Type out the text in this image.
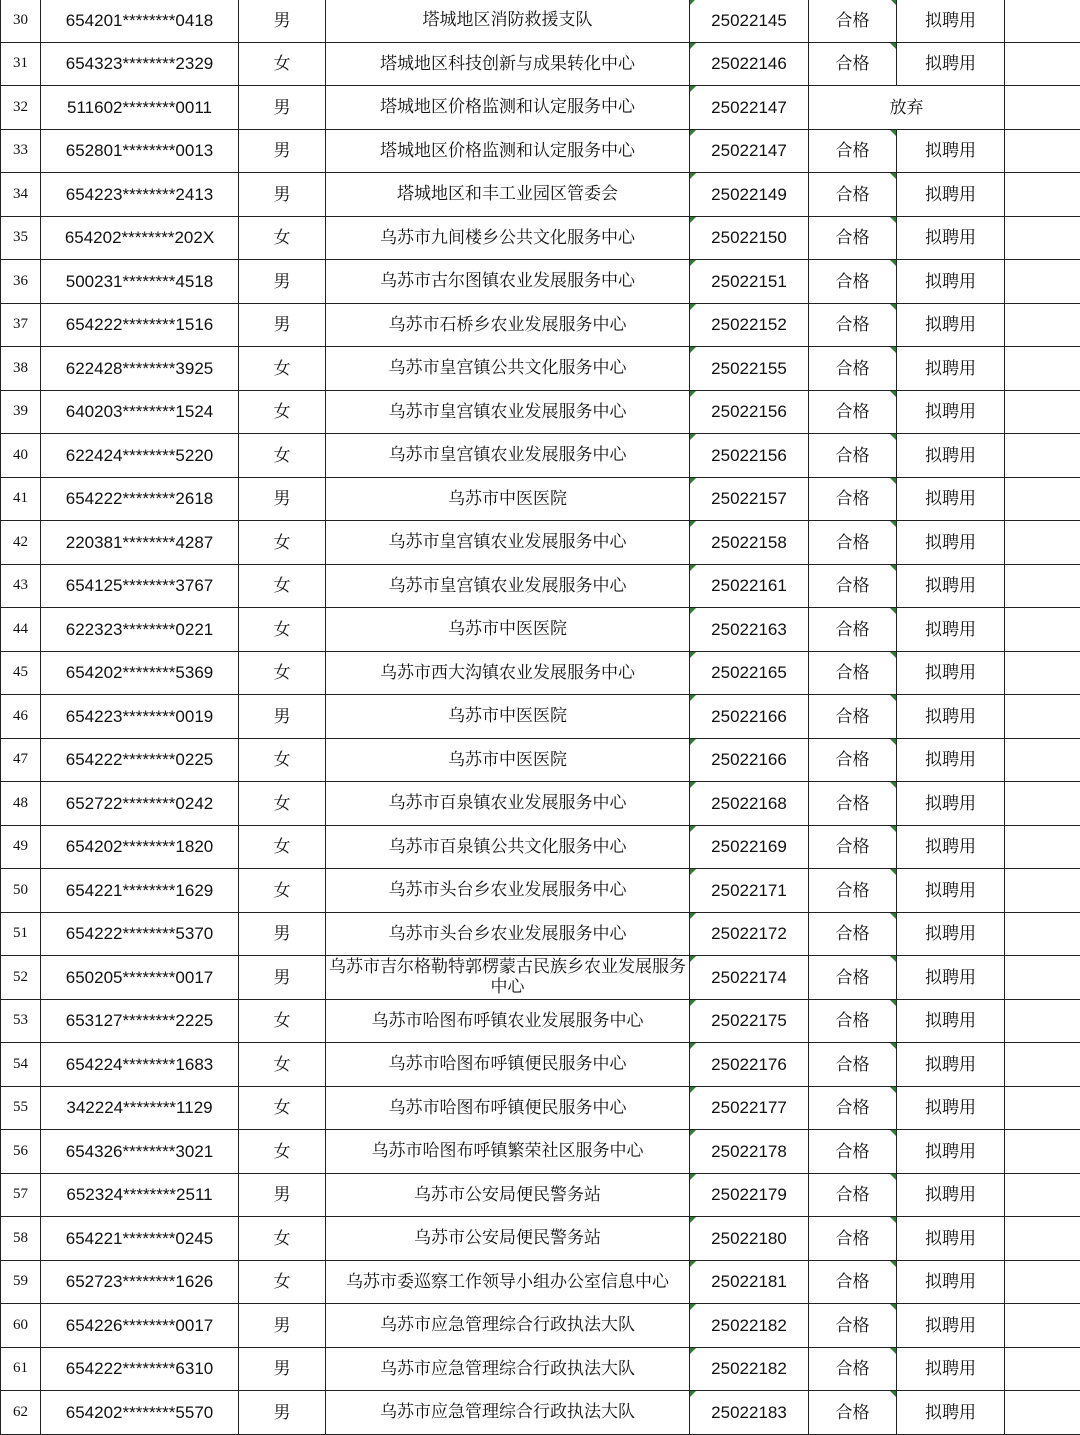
30	654201********0418	男	塔城地区消防救援支队	25022145	合格	拟聘用	
31	654323********2329	女	塔城地区科技创新与成果转化中心	25022146	合格	拟聘用	
32	511602********0011	男	塔城地区价格监测和认定服务中心	25022147	放弃		
33	652801********0013	男	塔城地区价格监测和认定服务中心	25022147	合格	拟聘用	
34	654223********2413	男	塔城地区和丰工业园区管委会	25022149	合格	拟聘用	
35	654202********202X	女	乌苏市九间楼乡公共文化服务中心	25022150	合格	拟聘用	
36	500231********4518	男	乌苏市古尔图镇农业发展服务中心	25022151	合格	拟聘用	
37	654222********1516	男	乌苏市石桥乡农业发展服务中心	25022152	合格	拟聘用	
38	622428********3925	女	乌苏市皇宫镇公共文化服务中心	25022155	合格	拟聘用	
39	640203********1524	女	乌苏市皇宫镇农业发展服务中心	25022156	合格	拟聘用	
40	622424********5220	女	乌苏市皇宫镇农业发展服务中心	25022156	合格	拟聘用	
41	654222********2618	男	乌苏市中医医院	25022157	合格	拟聘用	
42	220381********4287	女	乌苏市皇宫镇农业发展服务中心	25022158	合格	拟聘用	
43	654125********3767	女	乌苏市皇宫镇农业发展服务中心	25022161	合格	拟聘用	
44	622323********0221	女	乌苏市中医医院	25022163	合格	拟聘用	
45	654202********5369	女	乌苏市西大沟镇农业发展服务中心	25022165	合格	拟聘用	
46	654223********0019	男	乌苏市中医医院	25022166	合格	拟聘用	
47	654222********0225	女	乌苏市中医医院	25022166	合格	拟聘用	
48	652722********0242	女	乌苏市百泉镇农业发展服务中心	25022168	合格	拟聘用	
49	654202********1820	女	乌苏市百泉镇公共文化服务中心	25022169	合格	拟聘用	
50	654221********1629	女	乌苏市头台乡农业发展服务中心	25022171	合格	拟聘用	
51	654222********5370	男	乌苏市头台乡农业发展服务中心	25022172	合格	拟聘用	
52	650205********0017	男	乌苏市吉尔格勒特郭楞蒙古民族乡农业发展服务中心	25022174	合格	拟聘用	
53	653127********2225	女	乌苏市哈图布呼镇农业发展服务中心	25022175	合格	拟聘用	
54	654224********1683	女	乌苏市哈图布呼镇便民服务中心	25022176	合格	拟聘用	
55	342224********1129	女	乌苏市哈图布呼镇便民服务中心	25022177	合格	拟聘用	
56	654326********3021	女	乌苏市哈图布呼镇繁荣社区服务中心	25022178	合格	拟聘用	
57	652324********2511	男	乌苏市公安局便民警务站	25022179	合格	拟聘用	
58	654221********0245	女	乌苏市公安局便民警务站	25022180	合格	拟聘用	
59	652723********1626	女	乌苏市委巡察工作领导小组办公室信息中心	25022181	合格	拟聘用	
60	654226********0017	男	乌苏市应急管理综合行政执法大队	25022182	合格	拟聘用	
61	654222********6310	男	乌苏市应急管理综合行政执法大队	25022182	合格	拟聘用	
62	654202********5570	男	乌苏市应急管理综合行政执法大队	25022183	合格	拟聘用	
